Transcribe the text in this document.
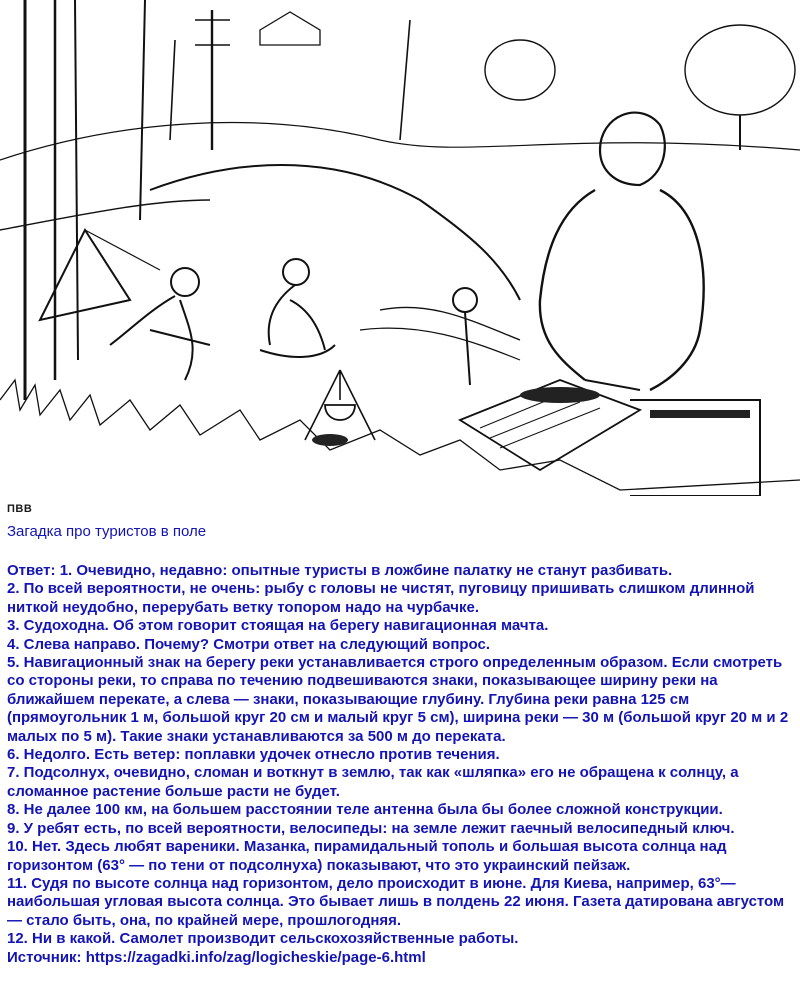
ПВВ
Загадка про туристов в поле

Ответ: 1. Очевидно, недавно: опытные туристы в ложбине палатку не станут разбивать.

2. По всей вероятности, не очень: рыбу с головы не чистят, пуговицу пришивать слишком длинной ниткой неудобно, перерубать ветку топором надо на чурбачке.

3. Судоходна. Об этом говорит стоящая на берегу навигационная мачта.

4. Слева направо. Почему? Смотри ответ на следующий вопрос.

5. Навигационный знак на берегу реки устанавливается строго определенным образом. Если смотреть со стороны реки, то справа по течению подвешиваются знаки, показывающее ширину реки на ближайшем перекате, а слева — знаки, показывающие глубину. Глубина реки равна 125 см (прямоугольник 1 м, большой круг 20 см и малый круг 5 см), ширина реки — 30 м (большой круг 20 м и 2 малых по 5 м). Такие знаки устанавливаются за 500 м до переката.

6. Недолго. Есть ветер: поплавки удочек отнесло против течения.

7. Подсолнух, очевидно, сломан и воткнут в землю, так как «шляпка» его не обращена к солнцу, а сломанное растение больше расти не будет.

8. Не далее 100 км, на большем расстоянии теле антенна была бы более сложной конструкции.

9. У ребят есть, по всей вероятности, велосипеды: на земле лежит гаечный велосипедный ключ.

10. Нет. Здесь любят вареники. Мазанка, пирамидальный тополь и большая высота солнца над горизонтом (63° — по тени от подсолнуха) показывают, что это украинский пейзаж.

11. Судя по высоте солнца над горизонтом, дело происходит в июне. Для Киева, например, 63°— наибольшая угловая высота солнца. Это бывает лишь в полдень 22 июня. Газета датирована августом — стало быть, она, по крайней мере, прошлогодняя.

12. Ни в какой. Самолет производит сельскохозяйственные работы.

Источник: https://zagadki.info/zag/logicheskie/page-6.html
